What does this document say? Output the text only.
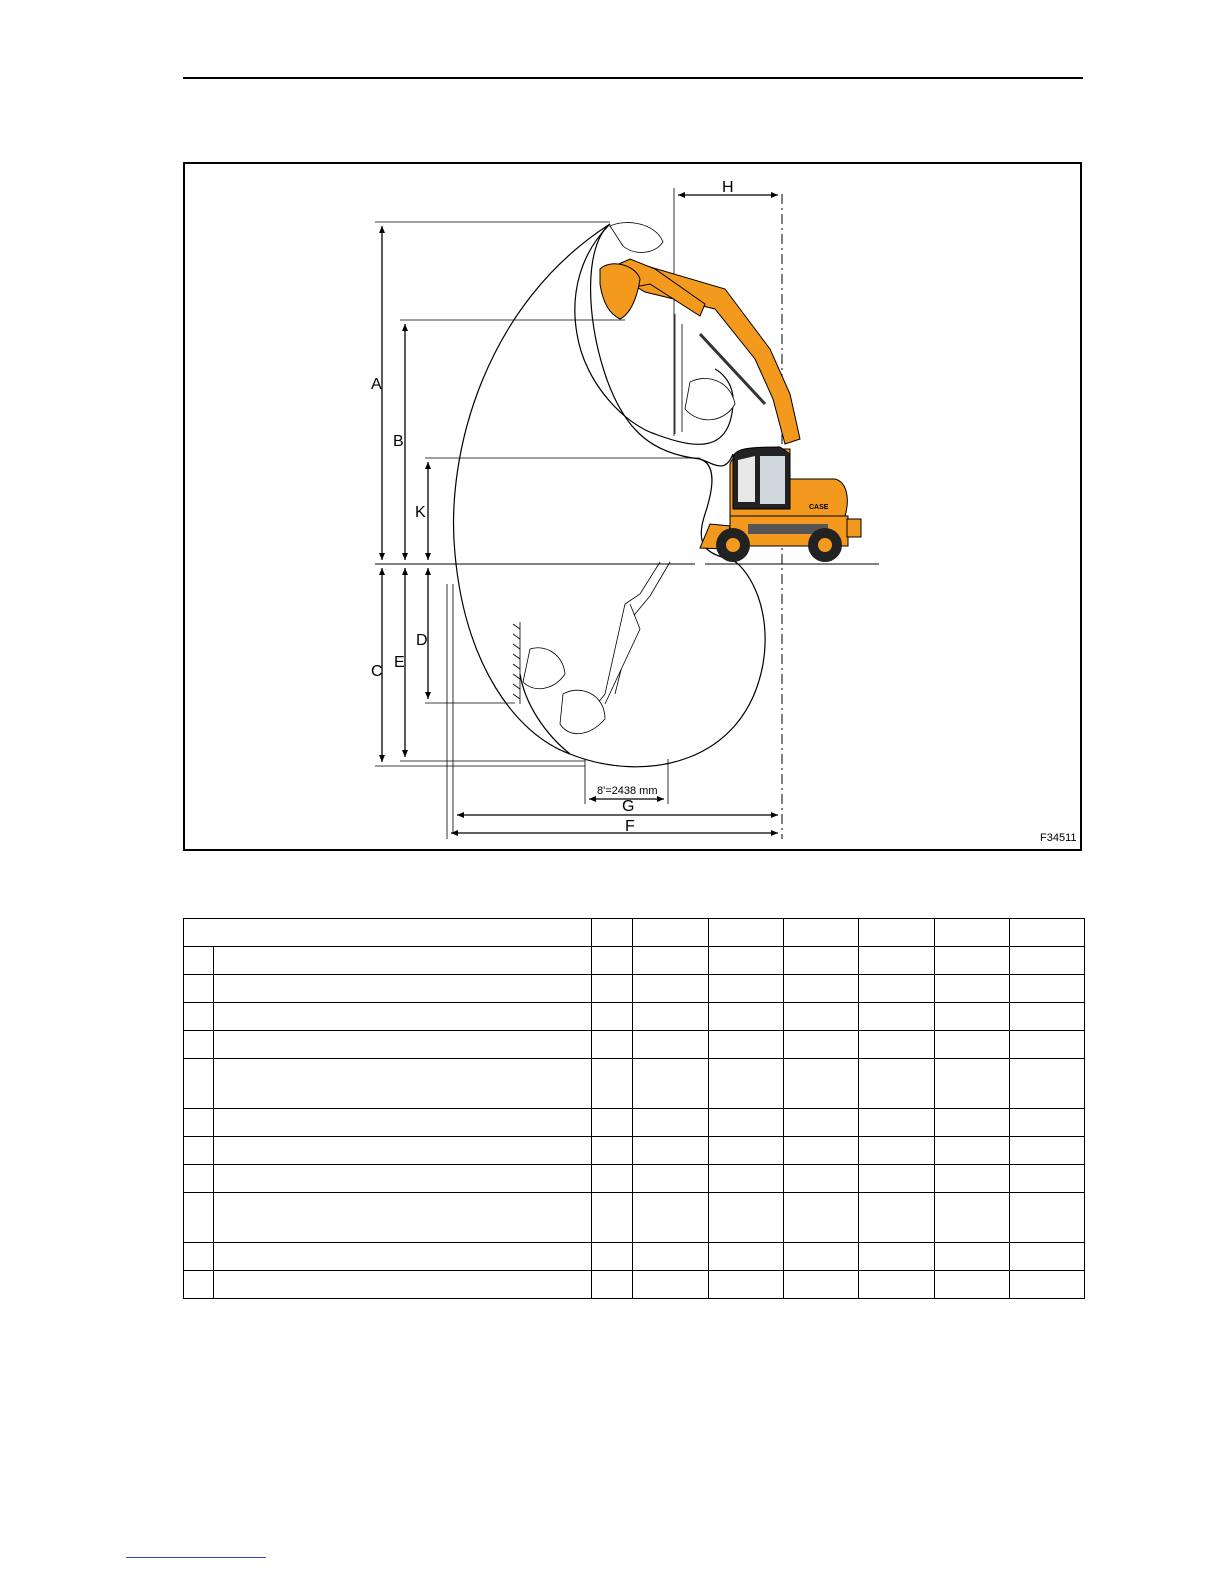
H
A
B
K
C
E
D
G
F
8'=2438 mm
F34511
CASE
CASE
